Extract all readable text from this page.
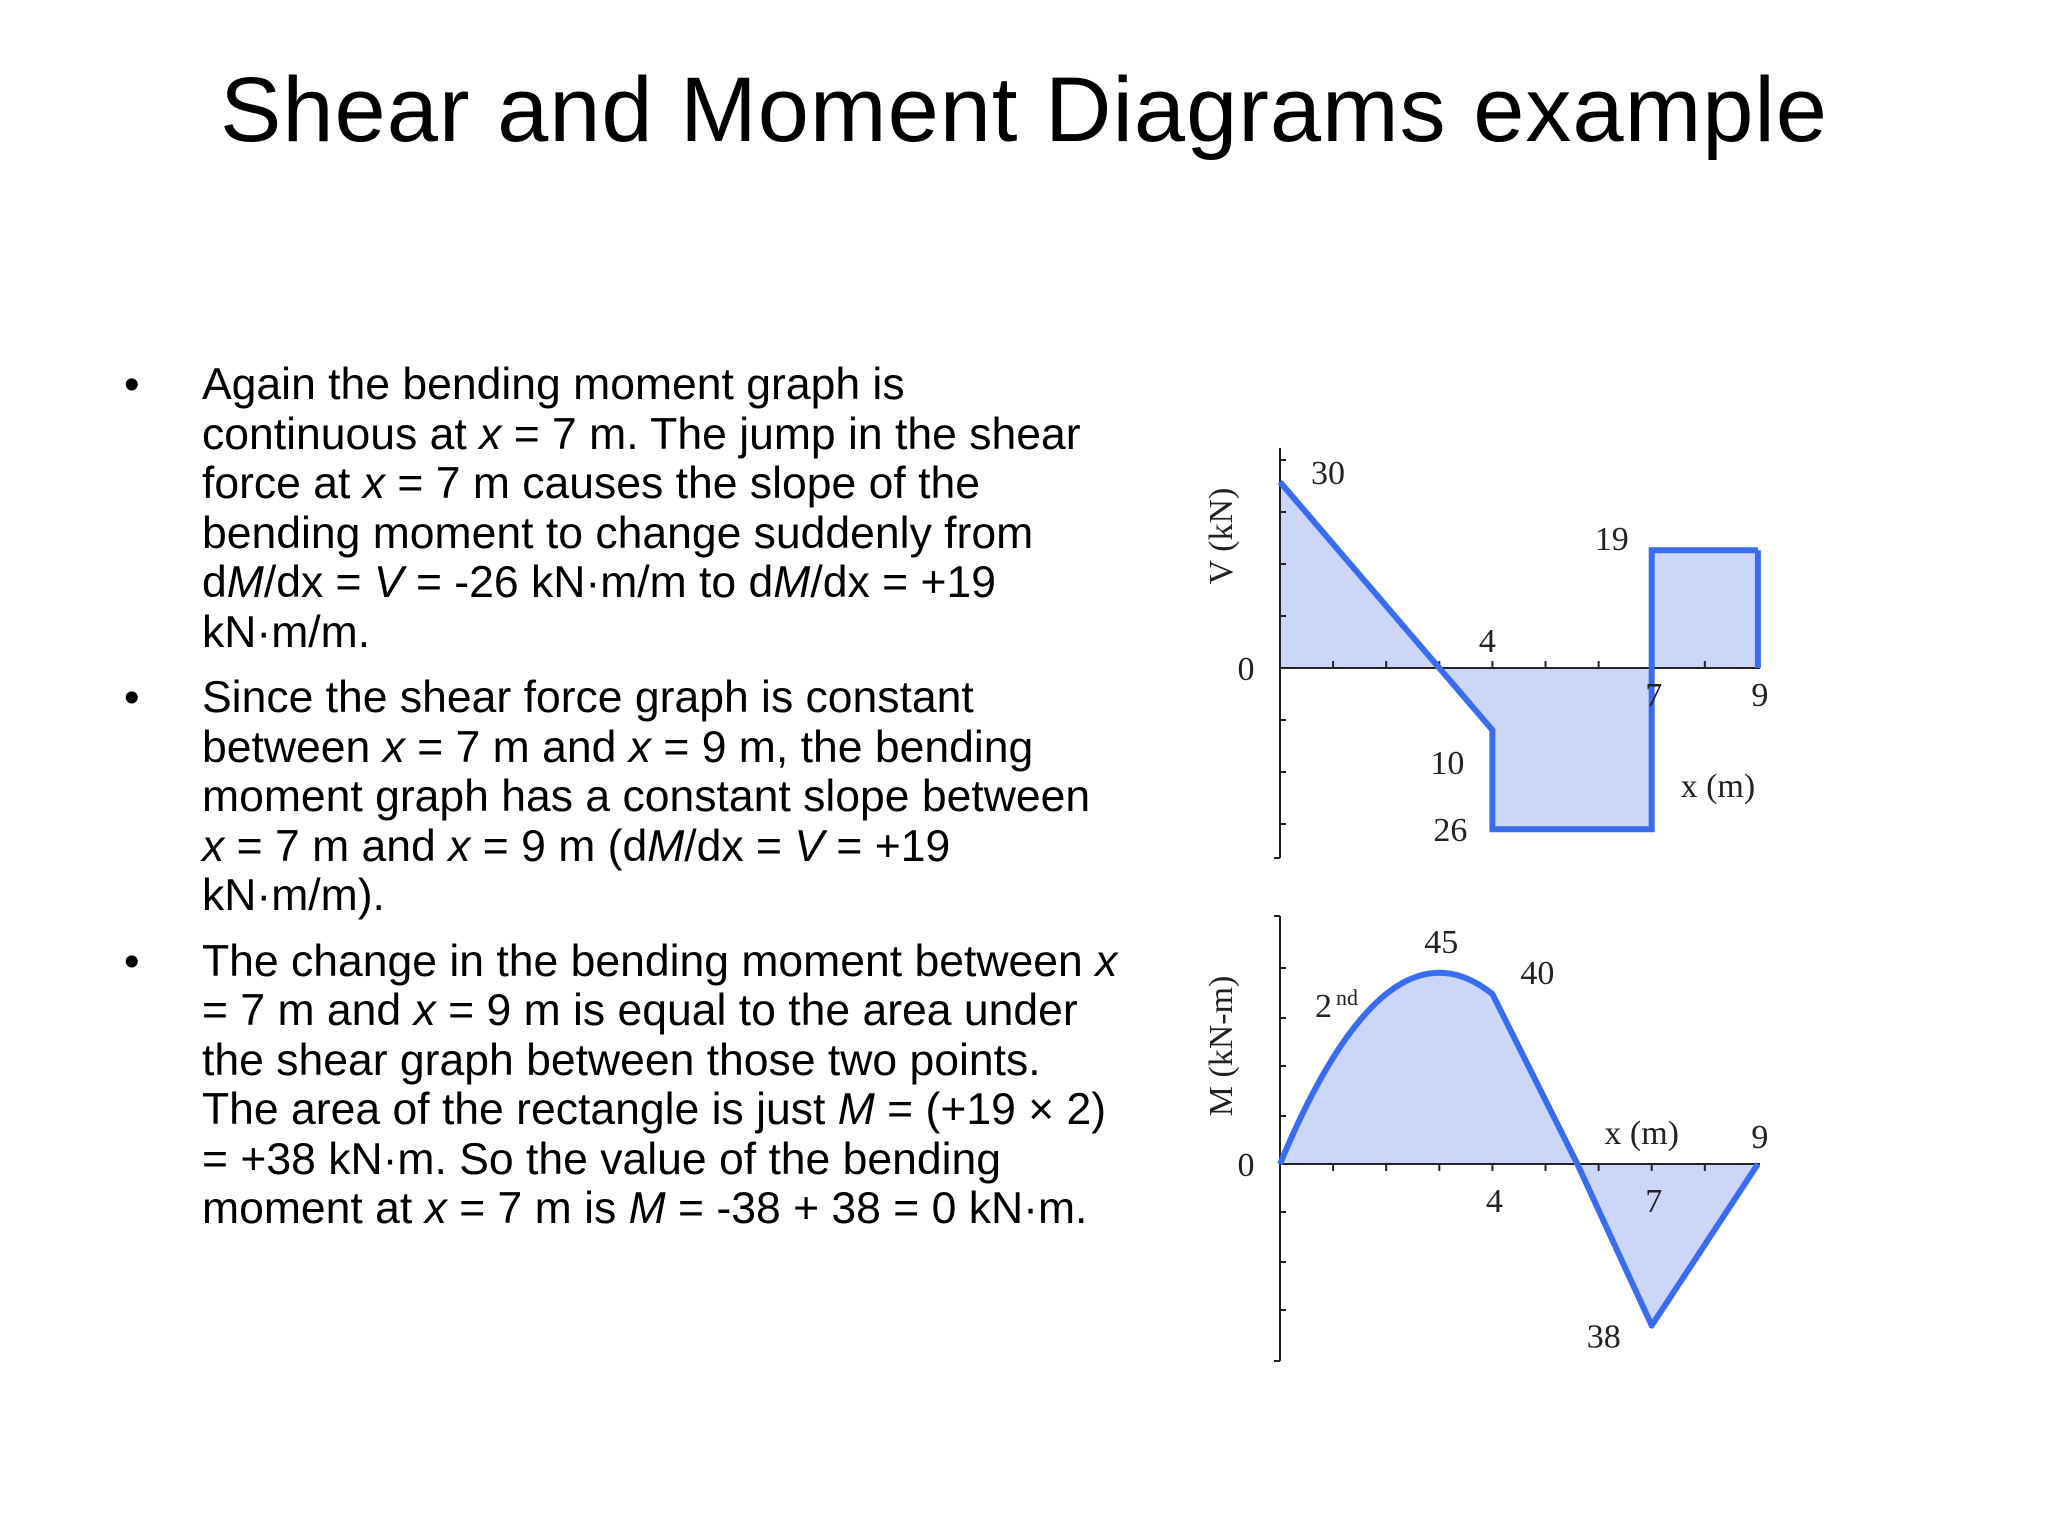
Shear and Moment Diagrams example
• Again the bending moment graph is continuous at x = 7 m. The jump in the shear force at x = 7 m causes the slope of the bending moment to change suddenly from dM/dx = V = -26 kN·m/m to dM/dx = +19 kN·m/m.
• Since the shear force graph is constant between x = 7 m and x = 9 m, the bending moment graph has a constant slope between x = 7 m and x = 9 m (dM/dx = V = +19 kN·m/m).
• The change in the bending moment between x = 7 m and x = 9 m is equal to the area under the shear graph between those two points. The area of the rectangle is just M = (+19 × 2) = +38 kN·m. So the value of the bending moment at x = 7 m is M = -38 + 38 = 0 kN·m.
30
19
4
10
26
0
7	9
x (m)
V (kN)
45
40
0
4	7
9
38
x (m)
2 $^{nd}$
M (kN-m)
